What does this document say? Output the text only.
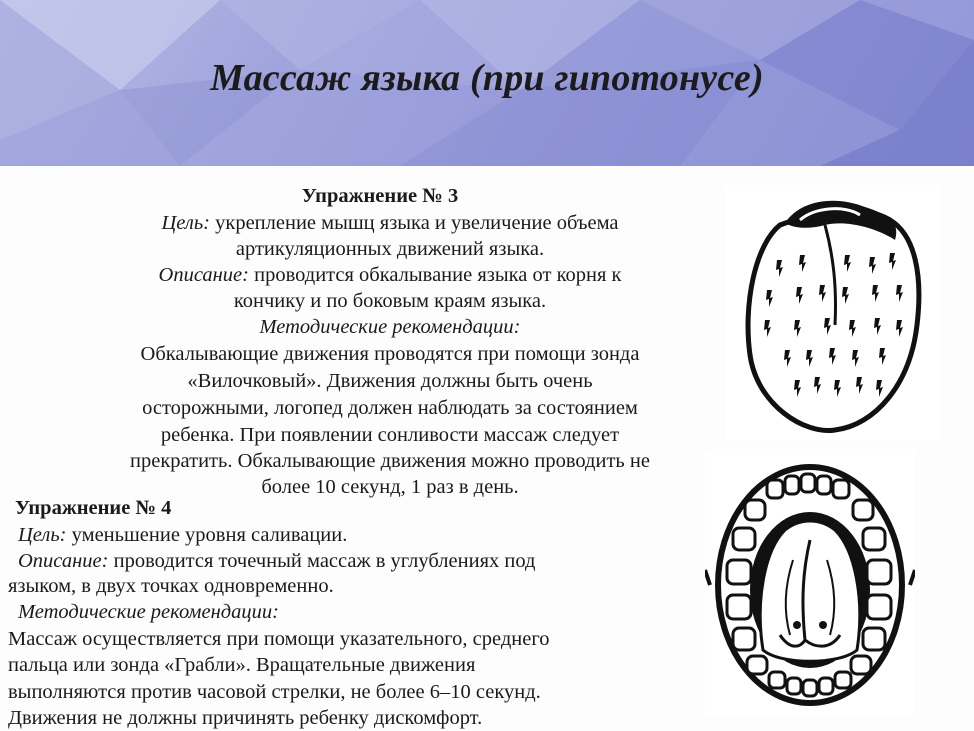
Массаж языка (при гипотонусе)
Упражнение № 3
Цель: укрепление мышц языка и увеличение объема
артикуляционных движений языка.
Описание: проводится обкалывание языка от корня к
кончику и по боковым краям языка.
Методические рекомендации:
Обкалывающие движения проводятся при помощи зонда
«Вилочковый». Движения должны быть очень
осторожными, логопед должен наблюдать за состоянием
ребенка. При появлении сонливости массаж следует
прекратить. Обкалывающие движения можно проводить не
более 10 секунд, 1 раз в день.
Упражнение № 4
Цель: уменьшение уровня саливации.
Описание: проводится точечный массаж в углублениях под
языком, в двух точках одновременно.
Методические рекомендации:
Массаж осуществляется при помощи указательного, среднего
пальца или зонда «Грабли». Вращательные движения
выполняются против часовой стрелки, не более 6–10 секунд.
Движения не должны причинять ребенку дискомфорт.
